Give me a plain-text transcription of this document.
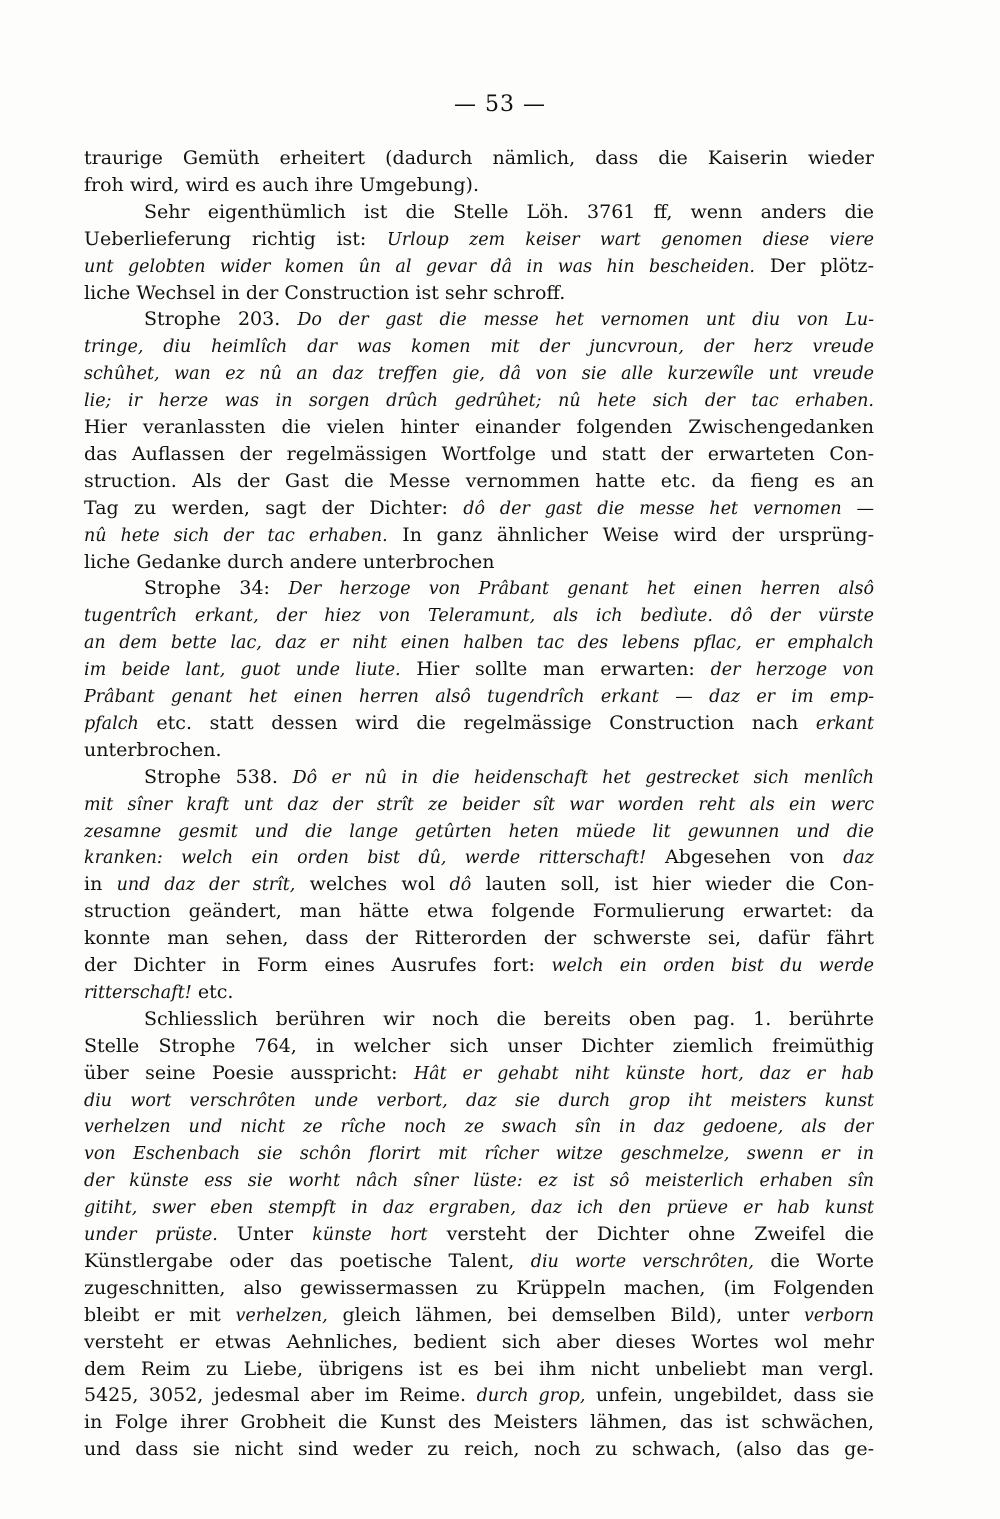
— 53 —
traurige Gemüth erheitert (dadurch nämlich, dass die Kaiserin wieder
froh wird, wird es auch ihre Umgebung).
Sehr eigenthümlich ist die Stelle Löh. 3761 ff, wenn anders die
Ueberlieferung richtig ist: Urloup zem keiser wart genomen diese viere
unt gelobten wider komen ûn al gevar dâ in was hin bescheiden. Der plötz-
liche Wechsel in der Construction ist sehr schroff.
Strophe 203. Do der gast die messe het vernomen unt diu von Lu-
tringe, diu heimlîch dar was komen mit der juncvroun, der herz vreude
schûhet, wan ez nû an daz treffen gie, dâ von sie alle kurzewîle unt vreude
lie; ir herze was in sorgen drûch gedrûhet; nû hete sich der tac erhaben.
Hier veranlassten die vielen hinter einander folgenden Zwischengedanken
das Auflassen der regelmässigen Wortfolge und statt der erwarteten Con-
struction. Als der Gast die Messe vernommen hatte etc. da fieng es an
Tag zu werden, sagt der Dichter: dô der gast die messe het vernomen —
nû hete sich der tac erhaben. In ganz ähnlicher Weise wird der ursprüng-
liche Gedanke durch andere unterbrochen
Strophe 34: Der herzoge von Prâbant genant het einen herren alsô
tugentrîch erkant, der hiez von Teleramunt, als ich bedìute. dô der vürste
an dem bette lac, daz er niht einen halben tac des lebens pflac, er emphalch
im beide lant, guot unde liute. Hier sollte man erwarten: der herzoge von
Prâbant genant het einen herren alsô tugendrîch erkant — daz er im emp-
pfalch etc. statt dessen wird die regelmässige Construction nach erkant
unterbrochen.
Strophe 538. Dô er nû in die heidenschaft het gestrecket sich menlîch
mit sîner kraft unt daz der strît ze beider sît war worden reht als ein werc
zesamne gesmit und die lange getûrten heten müede lit gewunnen und die
kranken: welch ein orden bist dû, werde ritterschaft! Abgesehen von daz
in und daz der strît, welches wol dô lauten soll, ist hier wieder die Con-
struction geändert, man hätte etwa folgende Formulierung erwartet: da
konnte man sehen, dass der Ritterorden der schwerste sei, dafür fährt
der Dichter in Form eines Ausrufes fort: welch ein orden bist du werde
ritterschaft! etc.
Schliesslich berühren wir noch die bereits oben pag. 1. berührte
Stelle Strophe 764, in welcher sich unser Dichter ziemlich freimüthig
über seine Poesie ausspricht: Hât er gehabt niht künste hort, daz er hab
diu wort verschrôten unde verbort, daz sie durch grop iht meisters kunst
verhelzen und nicht ze rîche noch ze swach sîn in daz gedoene, als der
von Eschenbach sie schôn florirt mit rîcher witze geschmelze, swenn er in
der künste ess sie worht nâch sîner lüste: ez ist sô meisterlich erhaben sîn
gitiht, swer eben stempft in daz ergraben, daz ich den prüeve er hab kunst
under prüste. Unter künste hort versteht der Dichter ohne Zweifel die
Künstlergabe oder das poetische Talent, diu worte verschrôten, die Worte
zugeschnitten, also gewissermassen zu Krüppeln machen, (im Folgenden
bleibt er mit verhelzen, gleich lähmen, bei demselben Bild), unter verborn
versteht er etwas Aehnliches, bedient sich aber dieses Wortes wol mehr
dem Reim zu Liebe, übrigens ist es bei ihm nicht unbeliebt man vergl.
5425, 3052, jedesmal aber im Reime. durch grop, unfein, ungebildet, dass sie
in Folge ihrer Grobheit die Kunst des Meisters lähmen, das ist schwächen,
und dass sie nicht sind weder zu reich, noch zu schwach, (also das ge-
